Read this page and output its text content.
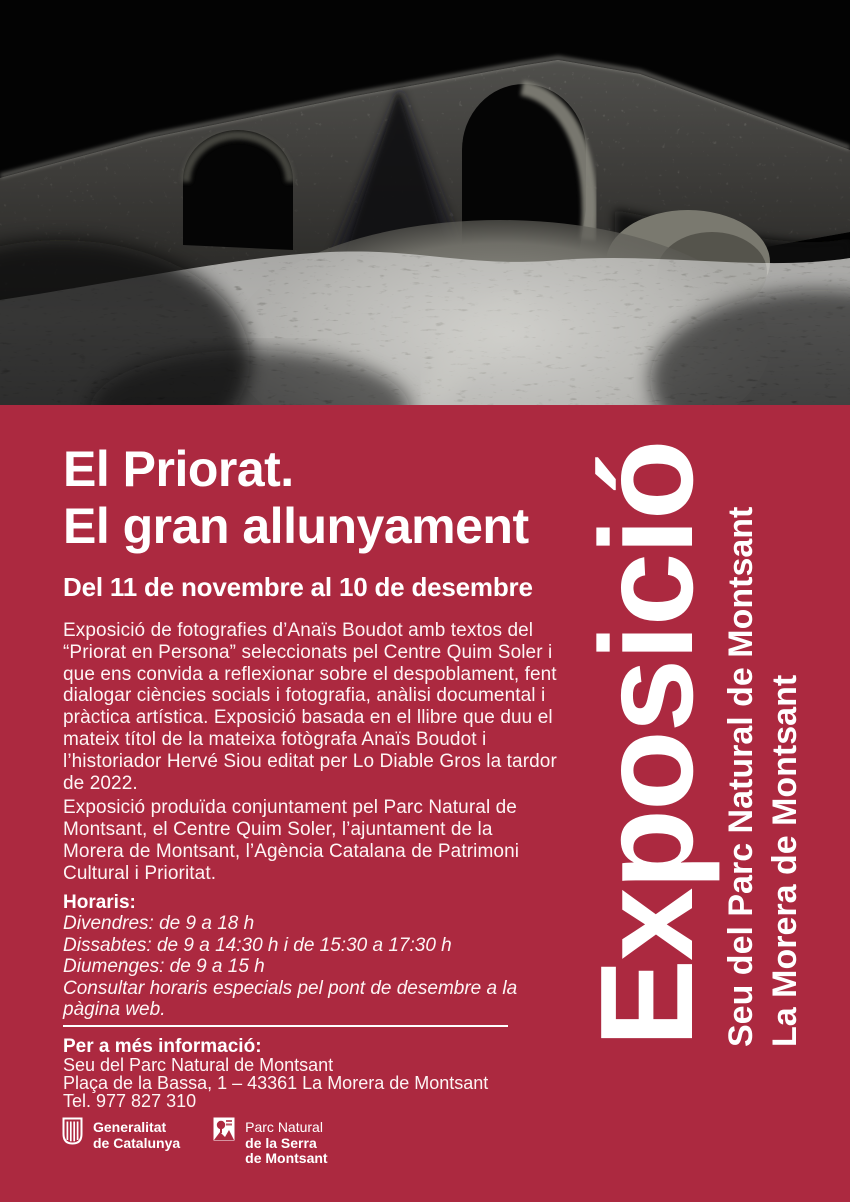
El Priorat.
El gran allunyament
Del 11 de novembre al 10 de desembre
Exposició de fotografies d’Anaïs Boudot amb textos del “Priorat en Persona” seleccionats pel Centre Quim Soler i que ens convida a reflexionar sobre el despoblament, fent dialogar ciències socials i fotografia, anàlisi documental i pràctica artística. Exposició basada en el llibre que duu el mateix títol de la mateixa fotògrafa Anaïs Boudot i l’historiador Hervé Siou editat per Lo Diable Gros la tardor de 2022.
Exposició produïda conjuntament pel Parc Natural de Montsant, el Centre Quim Soler, l’ajuntament de la Morera de Montsant, l’Agència Catalana de Patrimoni Cultural i Prioritat.
Horaris:
Divendres: de 9 a 18 h
Dissabtes: de 9 a 14:30 h i de 15:30 a 17:30 h
Diumenges: de 9 a 15 h
Consultar horaris especials pel pont de desembre a la pàgina web.
Per a més informació:
Seu del Parc Natural de Montsant
Plaça de la Bassa, 1 – 43361 La Morera de Montsant
Tel. 977 827 310
Exposició Seu del Parc Natural de Montsant La Morera de Montsant
Generalitat
de Catalunya
Parc Natural
de la Serra
de Montsant
